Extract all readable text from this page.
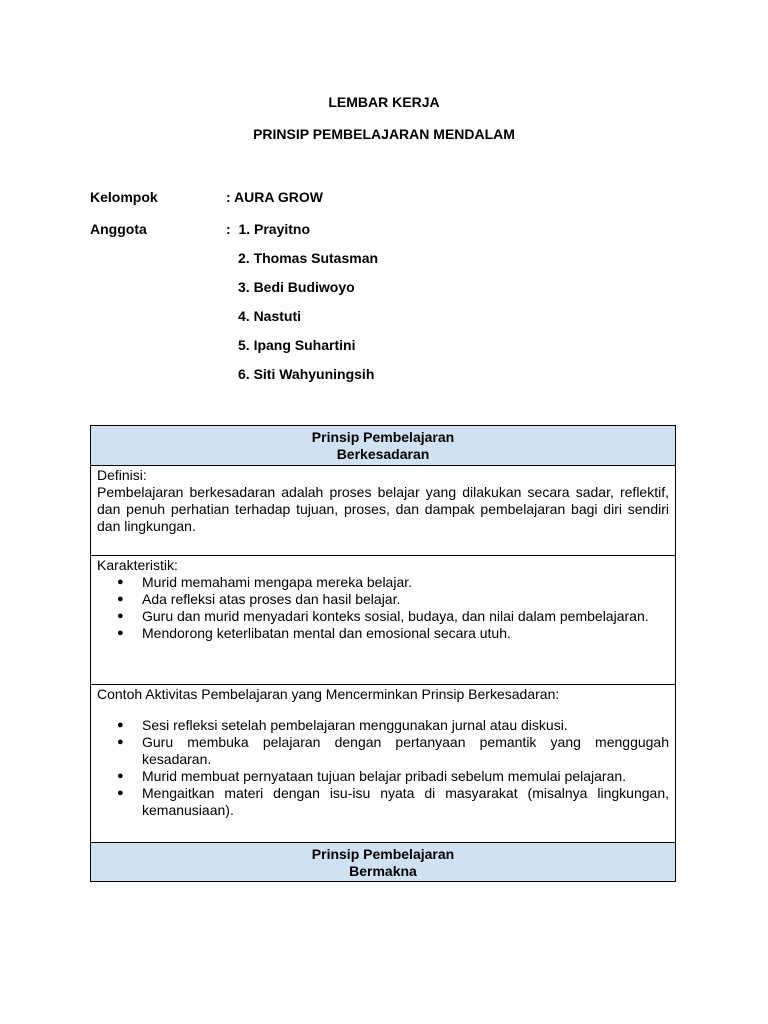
LEMBAR KERJA
PRINSIP PEMBELAJARAN MENDALAM
Kelompok	: AURA GROW
Anggota	:  1. Prayitno
2. Thomas Sutasman
3. Bedi Budiwoyo
4. Nastuti
5. Ipang Suhartini
6. Siti Wahyuningsih
Prinsip Pembelajaran
Berkesadaran
Definisi:
Pembelajaran berkesadaran adalah proses belajar yang dilakukan secara sadar, reflektif, dan penuh perhatian terhadap tujuan, proses, dan dampak pembelajaran bagi diri sendiri dan lingkungan.
Karakteristik:
● Murid memahami mengapa mereka belajar.
● Ada refleksi atas proses dan hasil belajar.
● Guru dan murid menyadari konteks sosial, budaya, dan nilai dalam pembelajaran.
● Mendorong keterlibatan mental dan emosional secara utuh.
Contoh Aktivitas Pembelajaran yang Mencerminkan Prinsip Berkesadaran:
● Sesi refleksi setelah pembelajaran menggunakan jurnal atau diskusi.
● Guru membuka pelajaran dengan pertanyaan pemantik yang menggugah kesadaran.
● Murid membuat pernyataan tujuan belajar pribadi sebelum memulai pelajaran.
● Mengaitkan materi dengan isu-isu nyata di masyarakat (misalnya lingkungan, kemanusiaan).
Prinsip Pembelajaran
Bermakna
